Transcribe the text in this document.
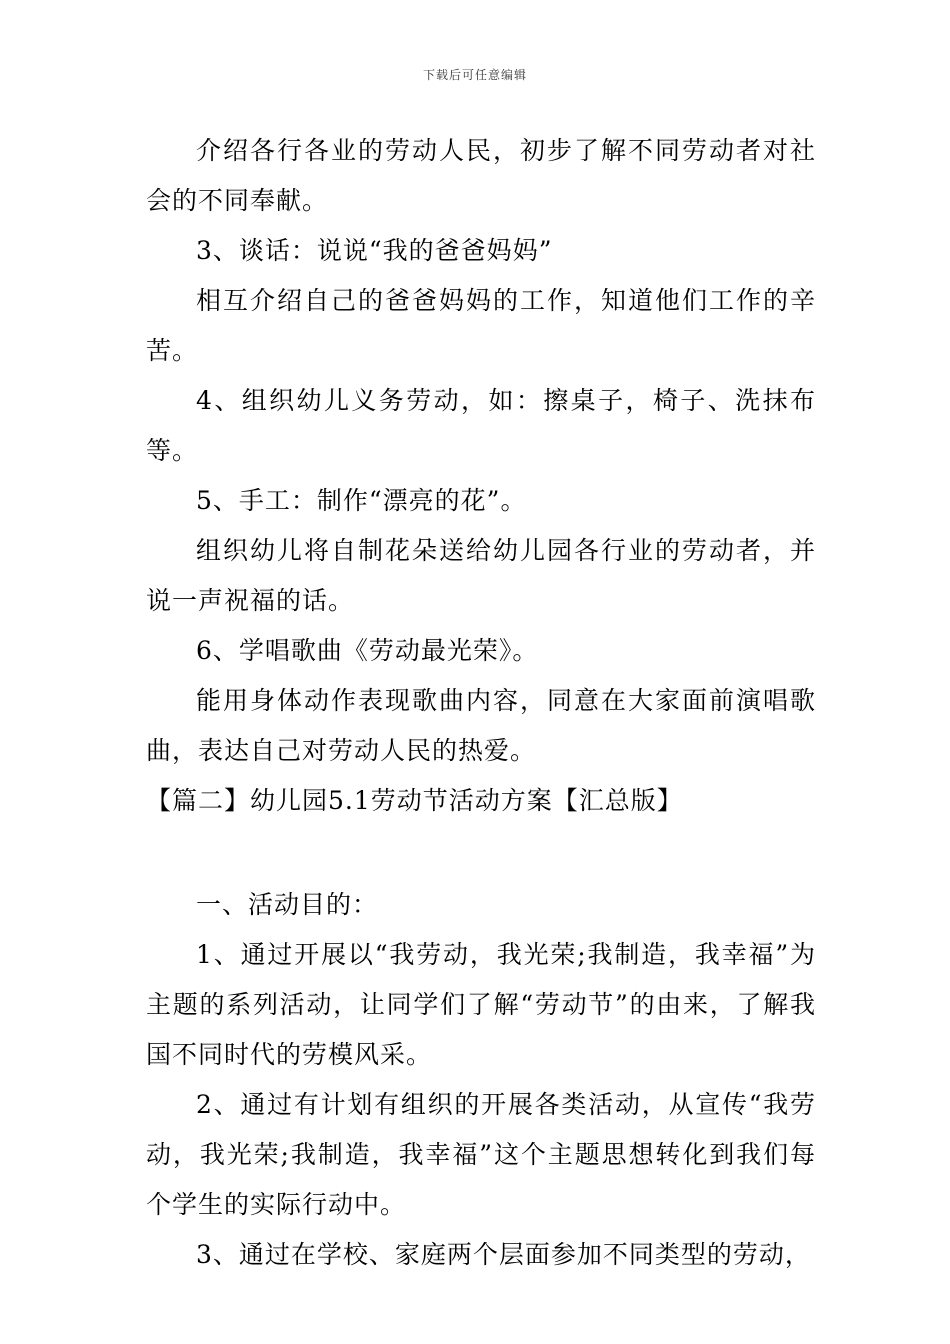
下载后可任意编辑

介绍各行各业的劳动人民，初步了解不同劳动者对社会的不同奉献。

3、谈话：说说“我的爸爸妈妈”

相互介绍自己的爸爸妈妈的工作，知道他们工作的辛苦。

4、组织幼儿义务劳动，如：擦桌子，椅子、洗抹布等。

5、手工：制作“漂亮的花”。

组织幼儿将自制花朵送给幼儿园各行业的劳动者，并说一声祝福的话。

6、学唱歌曲《劳动最光荣》。

能用身体动作表现歌曲内容，同意在大家面前演唱歌曲，表达自己对劳动人民的热爱。

【篇二】幼儿园5.1劳动节活动方案【汇总版】

一、活动目的：

1、通过开展以“我劳动，我光荣;我制造，我幸福”为主题的系列活动，让同学们了解“劳动节”的由来，了解我国不同时代的劳模风采。

2、通过有计划有组织的开展各类活动，从宣传“我劳动，我光荣;我制造，我幸福”这个主题思想转化到我们每个学生的实际行动中。

3、通过在学校、家庭两个层面参加不同类型的劳动，
